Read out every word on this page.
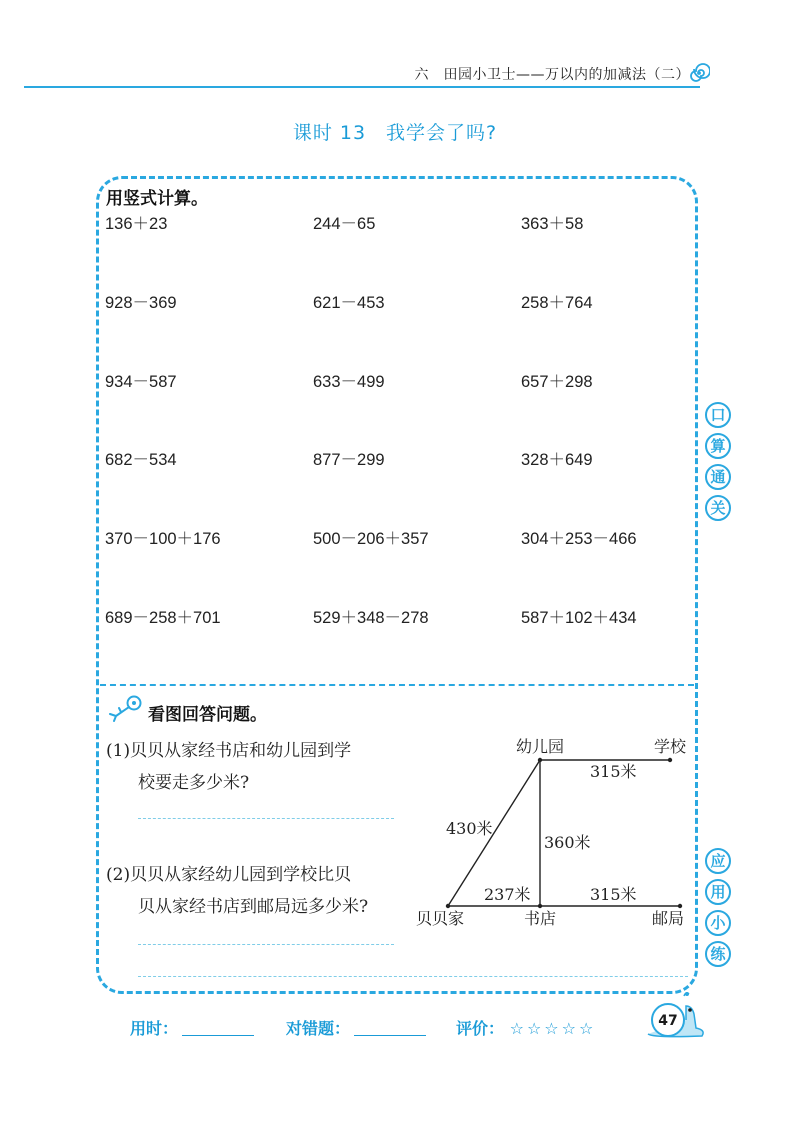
六　田园小卫士——万以内的加减法（二）
课时 13　我学会了吗?
用竖式计算。
136＋23	244－65	363＋58
928－369	621－453	258＋764
934－587	633－499	657＋298
682－534	877－299	328＋649
370－100＋176	500－206＋357	304＋253－466
689－258＋701	529＋348－278	587＋102＋434
看图回答问题。
(1)贝贝从家经书店和幼儿园到学
校要走多少米?
(2)贝贝从家经幼儿园到学校比贝
贝从家经书店到邮局远多少米?
幼儿园	学校
贝贝家	书店	邮局
315米
430米
360米
237米	315米
口
算
通
关
应
用
小
练
用时：	对错题：	评价： ☆☆☆☆☆	47
